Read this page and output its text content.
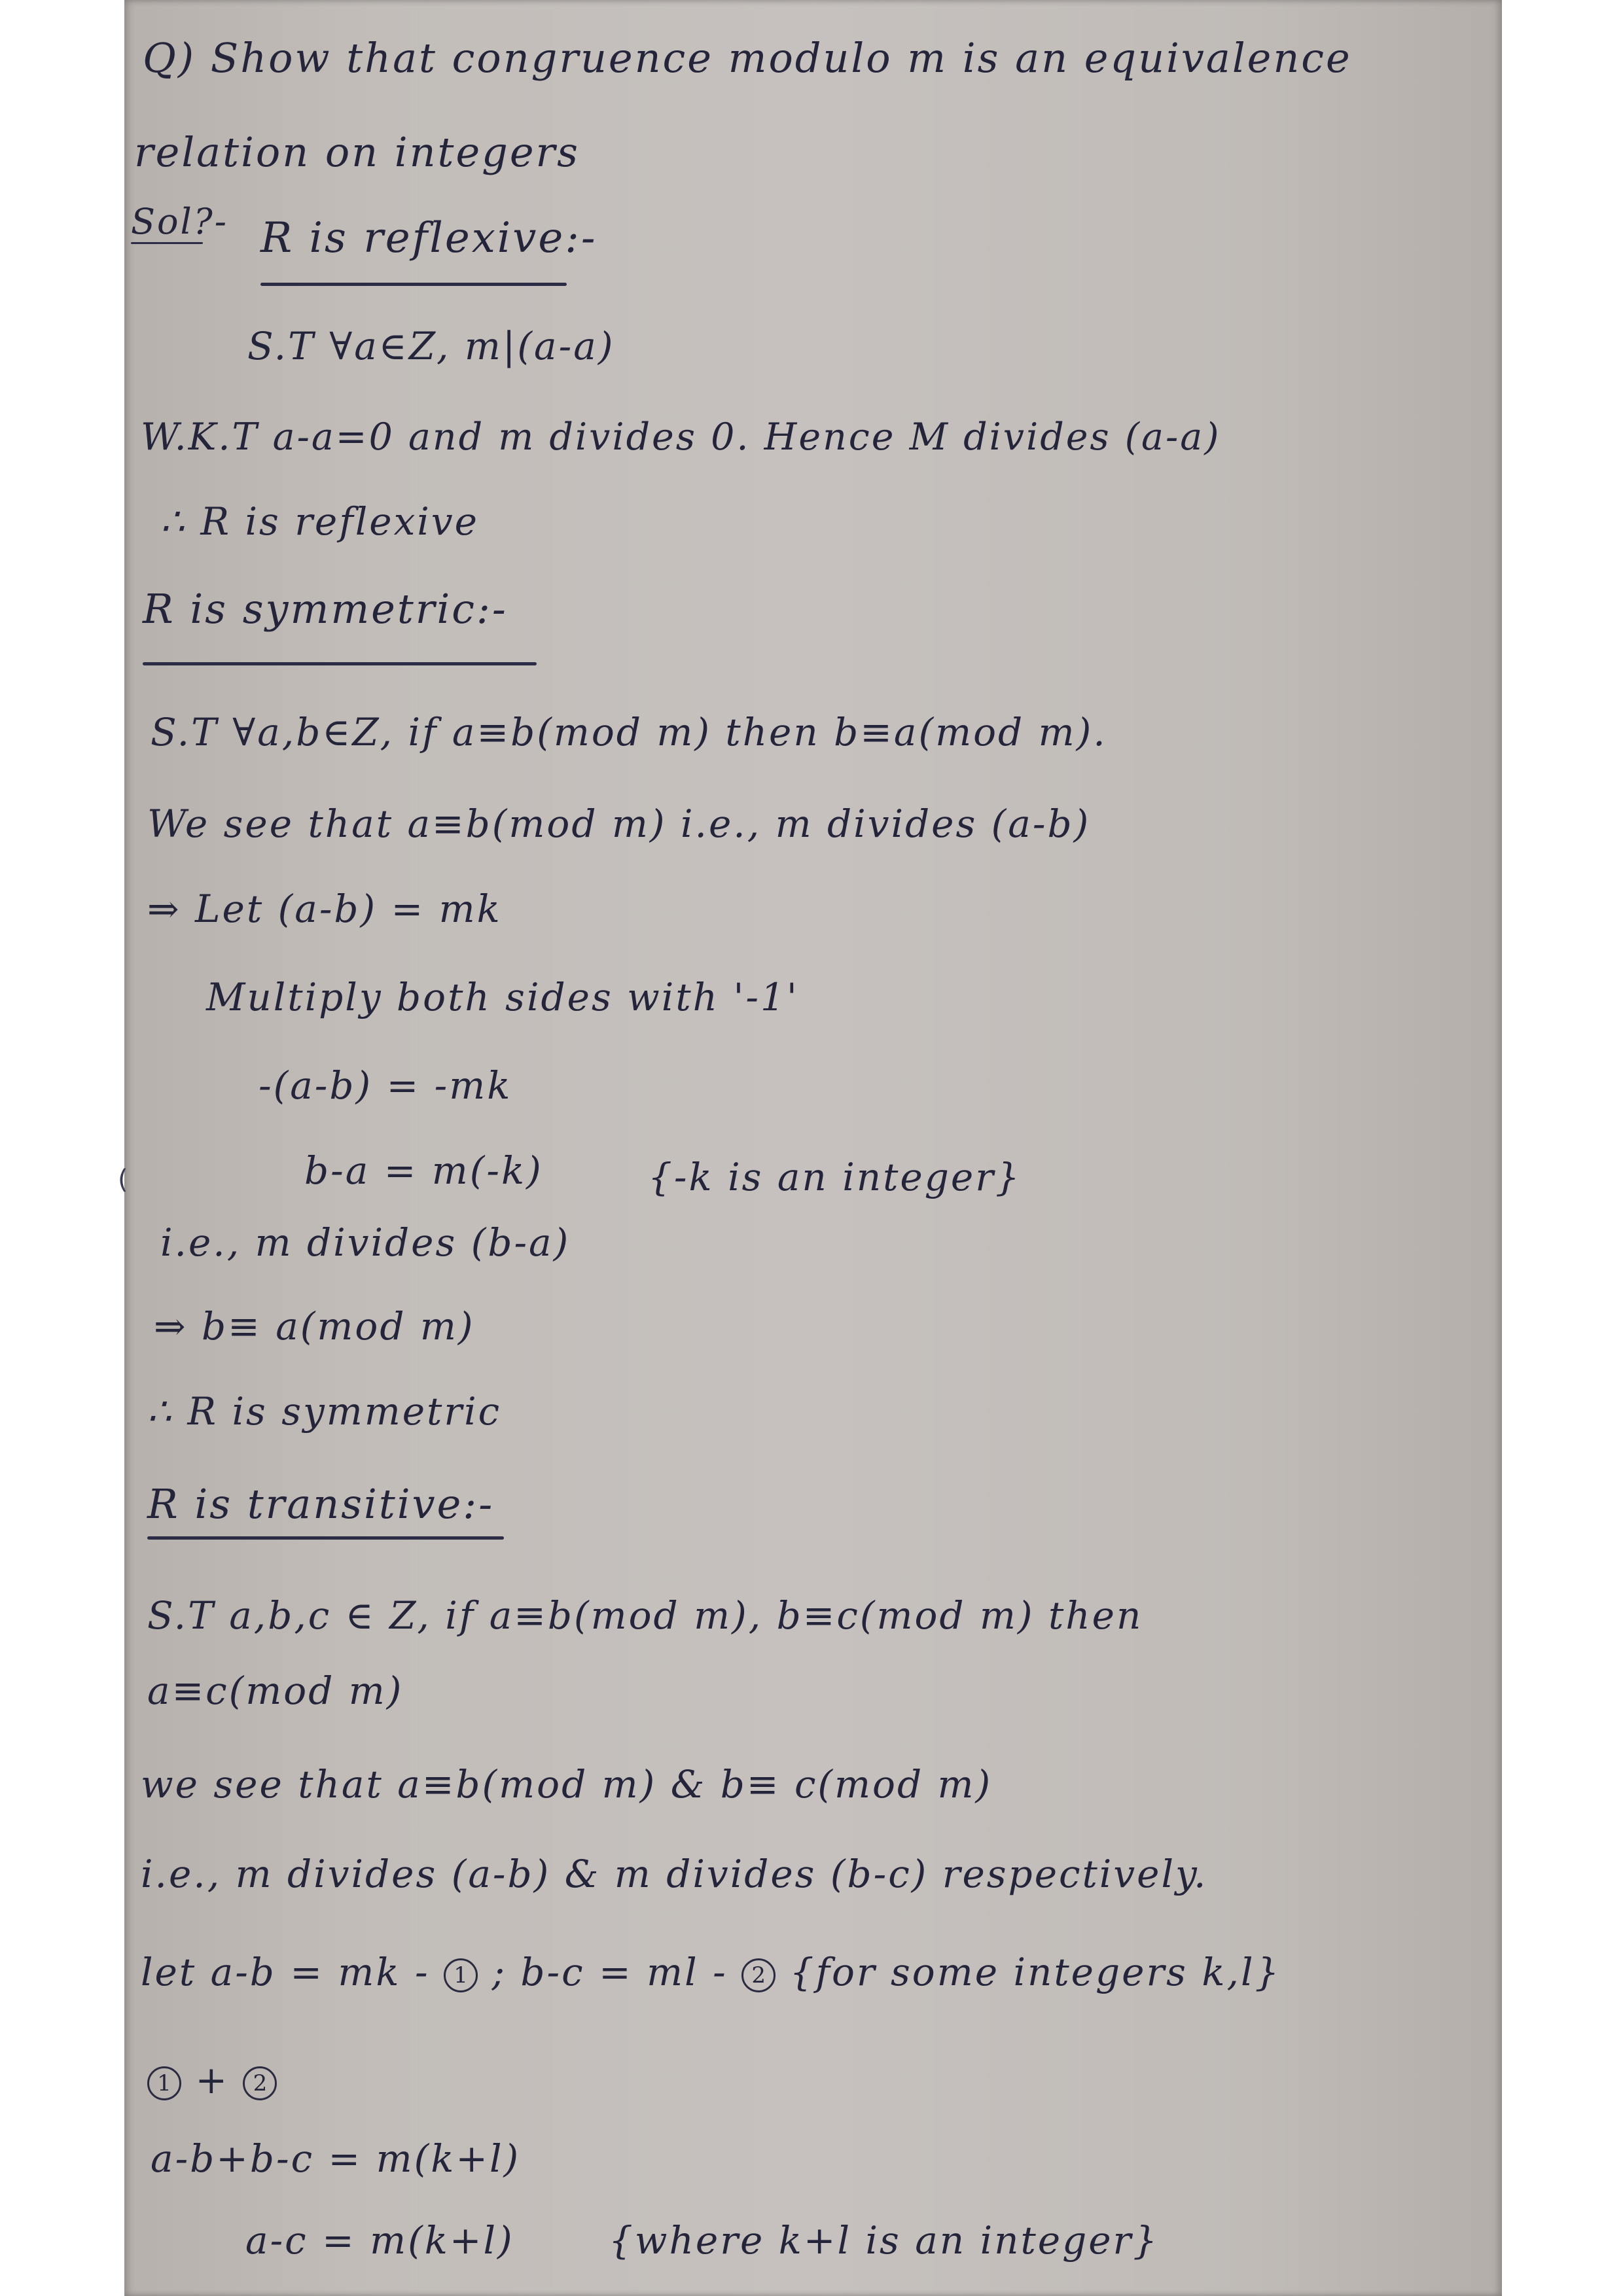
(

Q) Show that congruence modulo m is an equivalence

relation on integers

Sol?- R is reflexive:-

S.T ∀a∈Z, m|(a-a)

W.K.T a-a=0 and m divides 0. Hence M divides (a-a)

∴ R is reflexive

R is symmetric:-

S.T ∀a,b∈Z, if a≡b(mod m) then b≡a(mod m).

We see that a≡b(mod m) i.e., m divides (a-b)

⇒ Let (a-b) = mk

Multiply both sides with '-1'

-(a-b) = -mk

b-a = m(-k)	{-k is an integer}

i.e., m divides (b-a)

⇒ b≡ a(mod m)

∴ R is symmetric

R is transitive:-

S.T a,b,c ∈ Z, if a≡b(mod m), b≡c(mod m) then

a≡c(mod m)

we see that a≡b(mod m) & b≡ c(mod m)

i.e., m divides (a-b) & m divides (b-c) respectively.

let a-b = mk - 1 ; b-c = ml - 2 {for some integers k,l}

1 + 2

a-b+b-c = m(k+l)

a-c = m(k+l) {where k+l is an integer}
